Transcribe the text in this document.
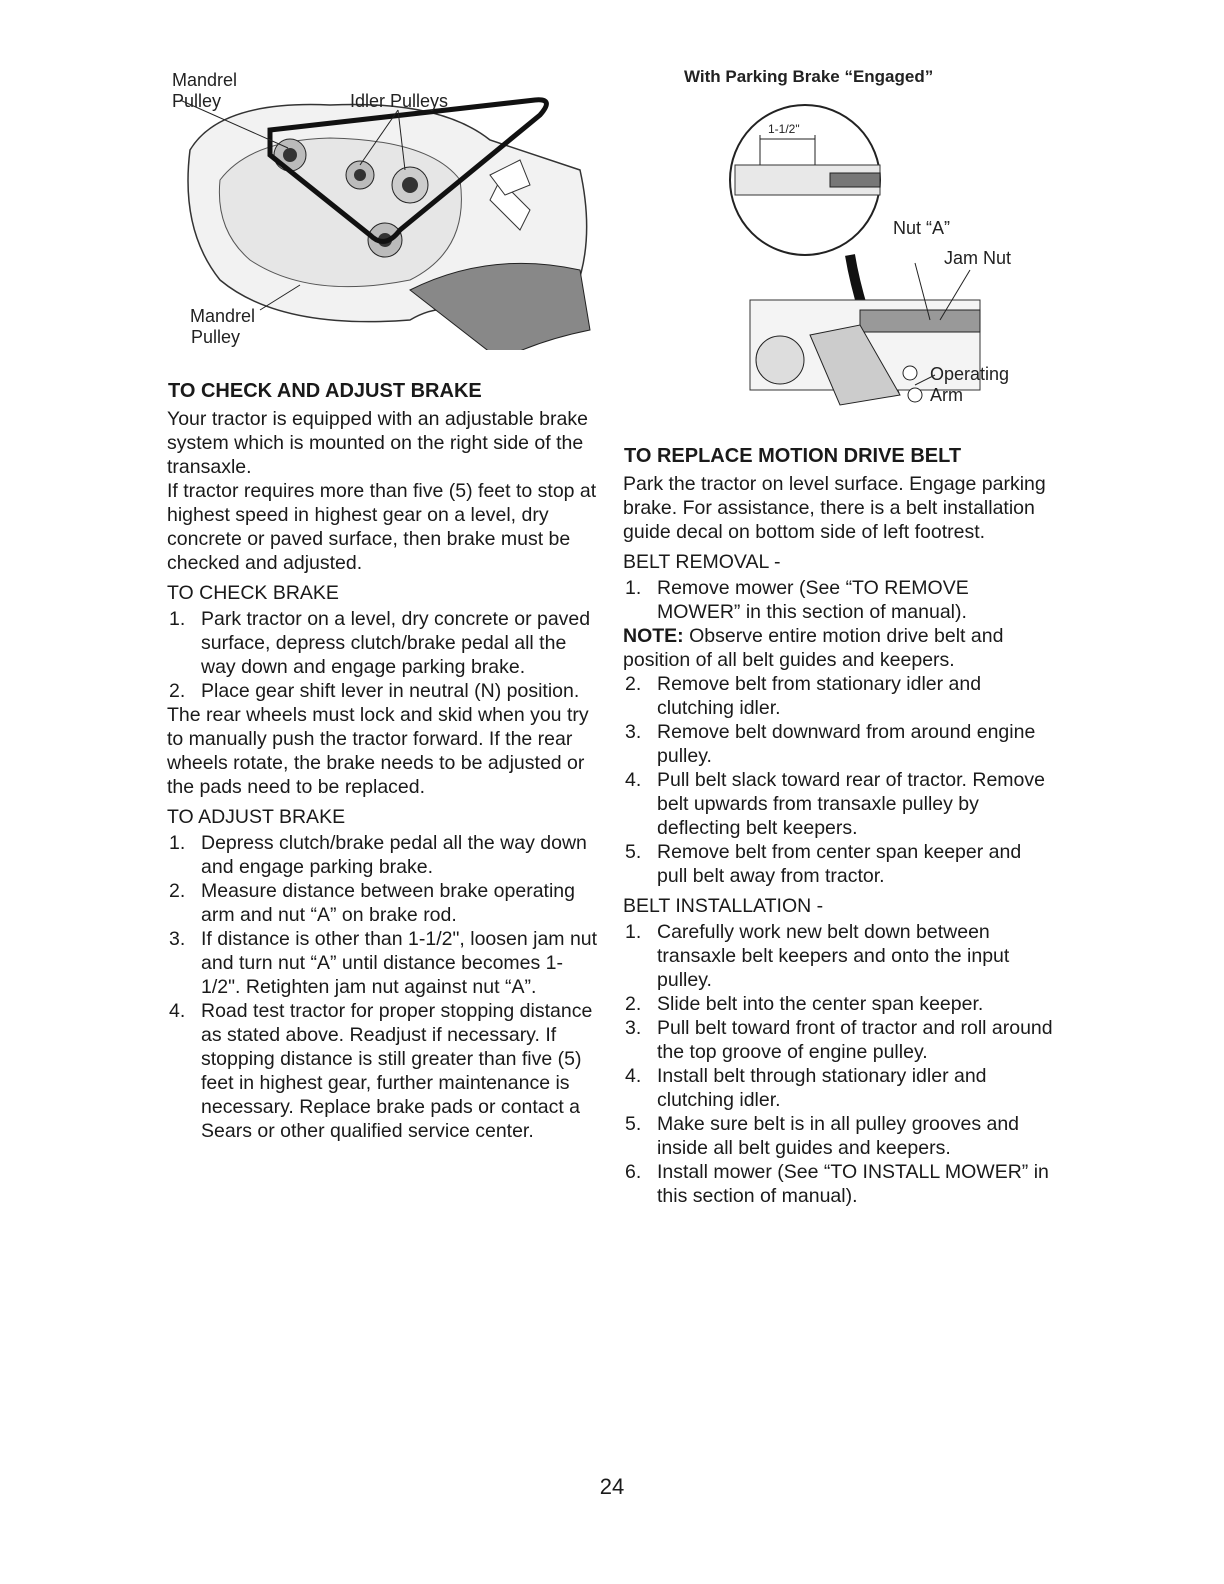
Mandrel
Pulley	Idler Pulleys
Mandrel
Pulley
TO CHECK AND ADJUST BRAKE

Your tractor is equipped with an adjustable brake system which is mounted on the right side of the transaxle.

If tractor requires more than five (5) feet to stop at highest speed in highest gear on a level, dry concrete or paved surface, then brake must be checked and adjusted.

TO CHECK BRAKE
1. Park tractor on a level, dry concrete or paved surface, depress clutch/brake pedal all the way down and engage parking brake.
2. Place gear shift lever in neutral (N) position.

The rear wheels must lock and skid when you try to manually push the tractor forward. If the rear wheels rotate, the brake needs to be adjusted or the pads need to be replaced.

TO ADJUST BRAKE
1. Depress clutch/brake pedal all the way down and engage parking brake.
2. Measure distance between brake operating arm and nut “A” on brake rod.
3. If distance is other than 1-1/2", loosen jam nut and turn nut “A” until distance becomes 1-1/2". Retighten jam nut against nut “A”.
4. Road test tractor for proper stopping distance as stated above. Readjust if necessary. If stopping distance is still greater than five (5) feet in highest gear, further maintenance is necessary. Replace brake pads or contact a Sears or other qualified service center.
With Parking Brake “Engaged”
1-1/2"
Nut “A”
Jam Nut
Operating
Arm
TO REPLACE MOTION DRIVE BELT

Park the tractor on level surface. Engage parking brake. For assistance, there is a belt installation guide decal on bottom side of left footrest.

BELT REMOVAL -
1. Remove mower (See “TO REMOVE MOWER” in this section of manual).

NOTE: Observe entire motion drive belt and position of all belt guides and keepers.

2. Remove belt from stationary idler and clutching idler.
3. Remove belt downward from around engine pulley.
4. Pull belt slack toward rear of tractor. Remove belt upwards from transaxle pulley by deflecting belt keepers.
5. Remove belt from center span keeper and pull belt away from tractor.
BELT INSTALLATION -
1. Carefully work new belt down between transaxle belt keepers and onto the input pulley.
2. Slide belt into the center span keeper.
3. Pull belt toward front of tractor and roll around the top groove of engine pulley.
4. Install belt through stationary idler and clutching idler.
5. Make sure belt is in all pulley grooves and inside all belt guides and keepers.
6. Install mower (See “TO INSTALL MOWER” in this section of manual).
24
